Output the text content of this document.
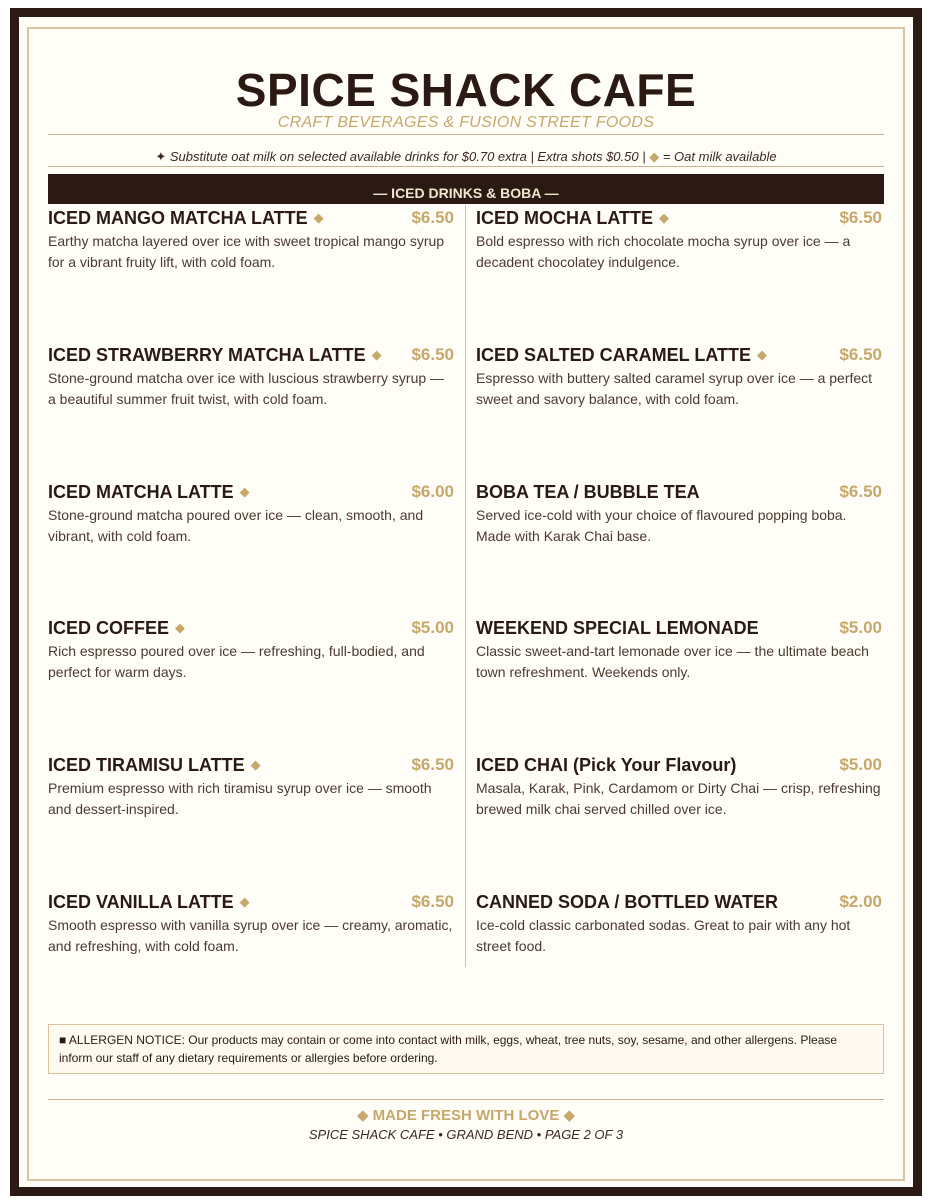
SPICE SHACK CAFE
CRAFT BEVERAGES & FUSION STREET FOODS
✦ Substitute oat milk on selected available drinks for $0.70 extra | Extra shots $0.50 | ◆ = Oat milk available
— ICED DRINKS & BOBA —
ICED MANGO MATCHA LATTE ◆	$6.50
Earthy matcha layered over ice with sweet tropical mango syrup for a vibrant fruity lift, with cold foam.
ICED STRAWBERRY MATCHA LATTE ◆	$6.50
Stone-ground matcha over ice with luscious strawberry syrup — a beautiful summer fruit twist, with cold foam.
ICED MATCHA LATTE ◆	$6.00
Stone-ground matcha poured over ice — clean, smooth, and vibrant, with cold foam.
ICED COFFEE ◆	$5.00
Rich espresso poured over ice — refreshing, full-bodied, and perfect for warm days.
ICED TIRAMISU LATTE ◆	$6.50
Premium espresso with rich tiramisu syrup over ice — smooth and dessert-inspired.
ICED VANILLA LATTE ◆	$6.50
Smooth espresso with vanilla syrup over ice — creamy, aromatic, and refreshing, with cold foam.
ICED MOCHA LATTE ◆	$6.50
Bold espresso with rich chocolate mocha syrup over ice — a decadent chocolatey indulgence.
ICED SALTED CARAMEL LATTE ◆	$6.50
Espresso with buttery salted caramel syrup over ice — a perfect sweet and savory balance, with cold foam.
BOBA TEA / BUBBLE TEA	$6.50
Served ice-cold with your choice of flavoured popping boba. Made with Karak Chai base.
WEEKEND SPECIAL LEMONADE	$5.00
Classic sweet-and-tart lemonade over ice — the ultimate beach town refreshment. Weekends only.
ICED CHAI (Pick Your Flavour)	$5.00
Masala, Karak, Pink, Cardamom or Dirty Chai — crisp, refreshing brewed milk chai served chilled over ice.
CANNED SODA / BOTTLED WATER	$2.00
Ice-cold classic carbonated sodas. Great to pair with any hot street food.
■ ALLERGEN NOTICE: Our products may contain or come into contact with milk, eggs, wheat, tree nuts, soy, sesame, and other allergens. Please inform our staff of any dietary requirements or allergies before ordering.
◆ MADE FRESH WITH LOVE ◆
SPICE SHACK CAFE • GRAND BEND • PAGE 2 OF 3
